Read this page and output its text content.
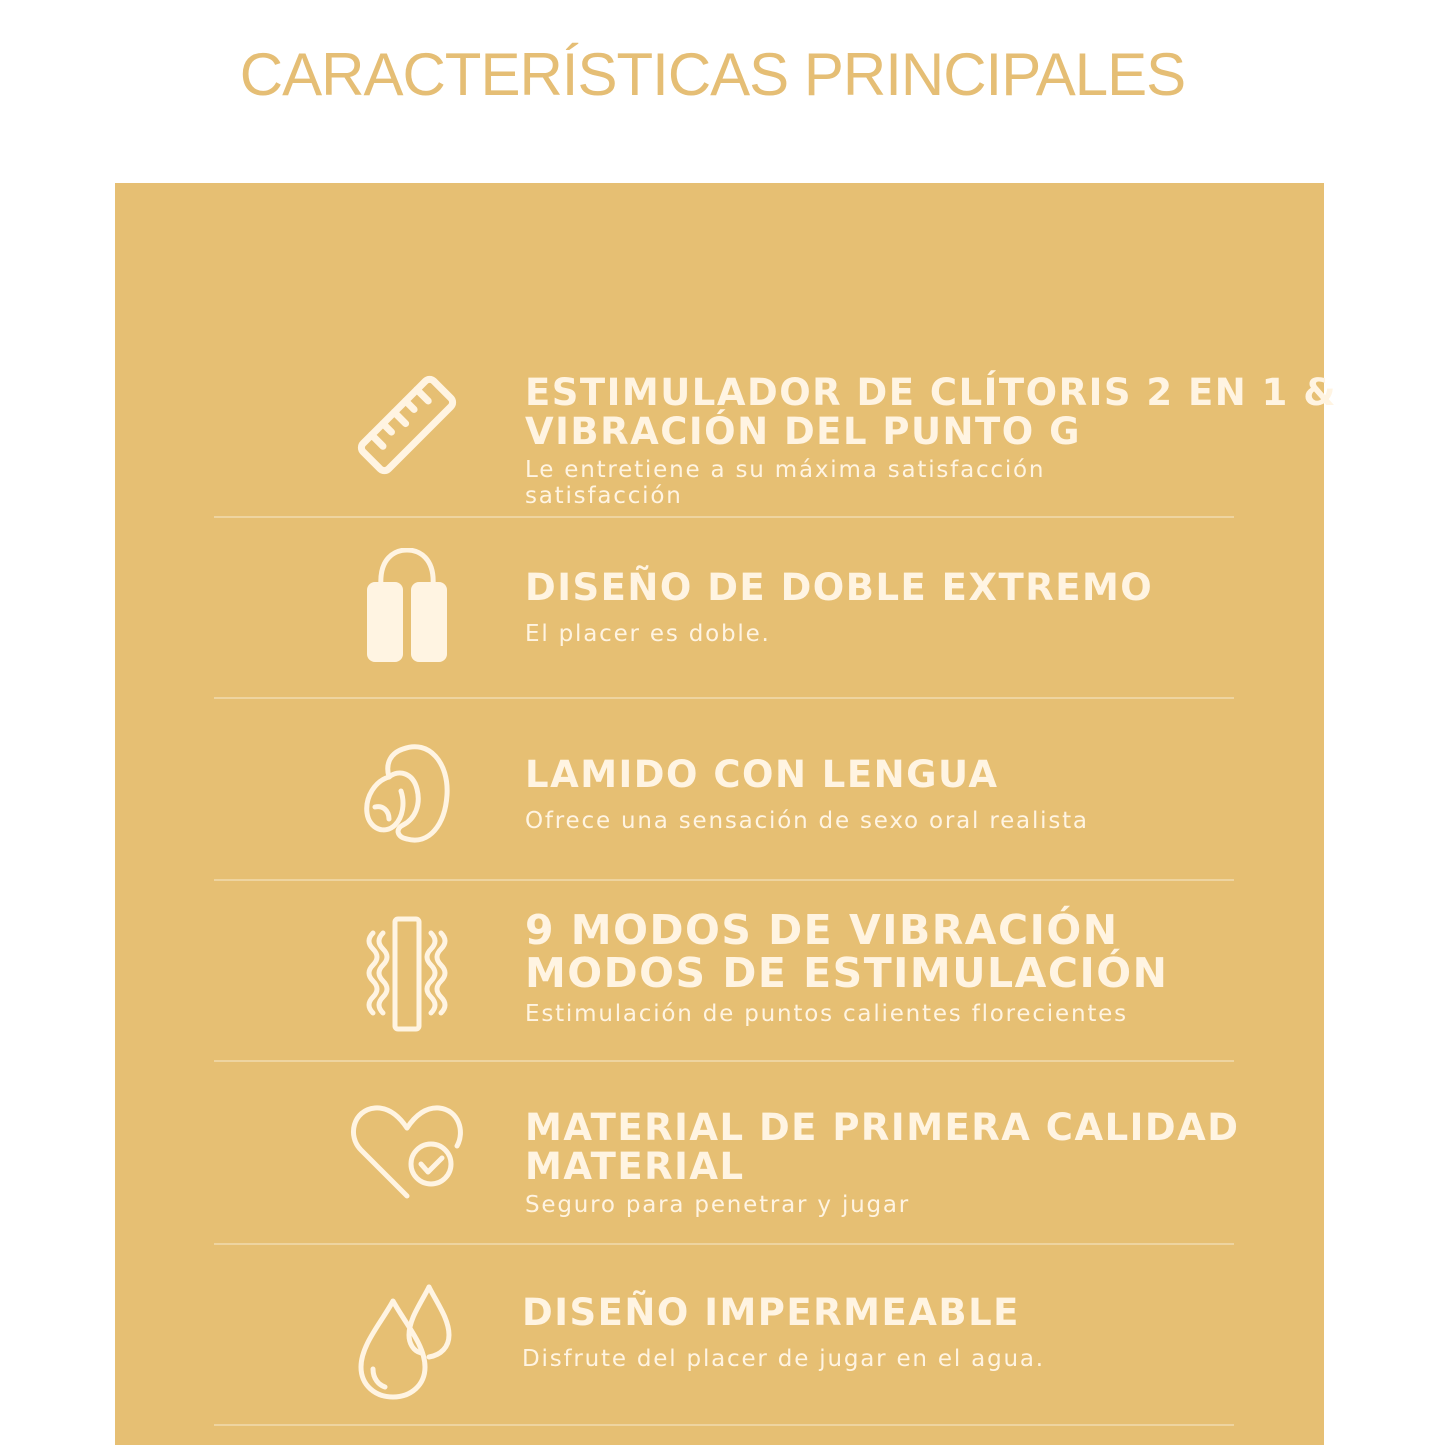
CARACTERÍSTICAS PRINCIPALES

ESTIMULADOR DE CLÍTORIS 2 EN 1 &

VIBRACIÓN DEL PUNTO G

Le entretiene a su máxima satisfacción

satisfacción

DISEÑO DE DOBLE EXTREMO

El placer es doble.

LAMIDO CON LENGUA

Ofrece una sensación de sexo oral realista

9 MODOS DE VIBRACIÓN

MODOS DE ESTIMULACIÓN

Estimulación de puntos calientes florecientes

MATERIAL DE PRIMERA CALIDAD

MATERIAL

Seguro para penetrar y jugar

DISEÑO IMPERMEABLE

Disfrute del placer de jugar en el agua.
